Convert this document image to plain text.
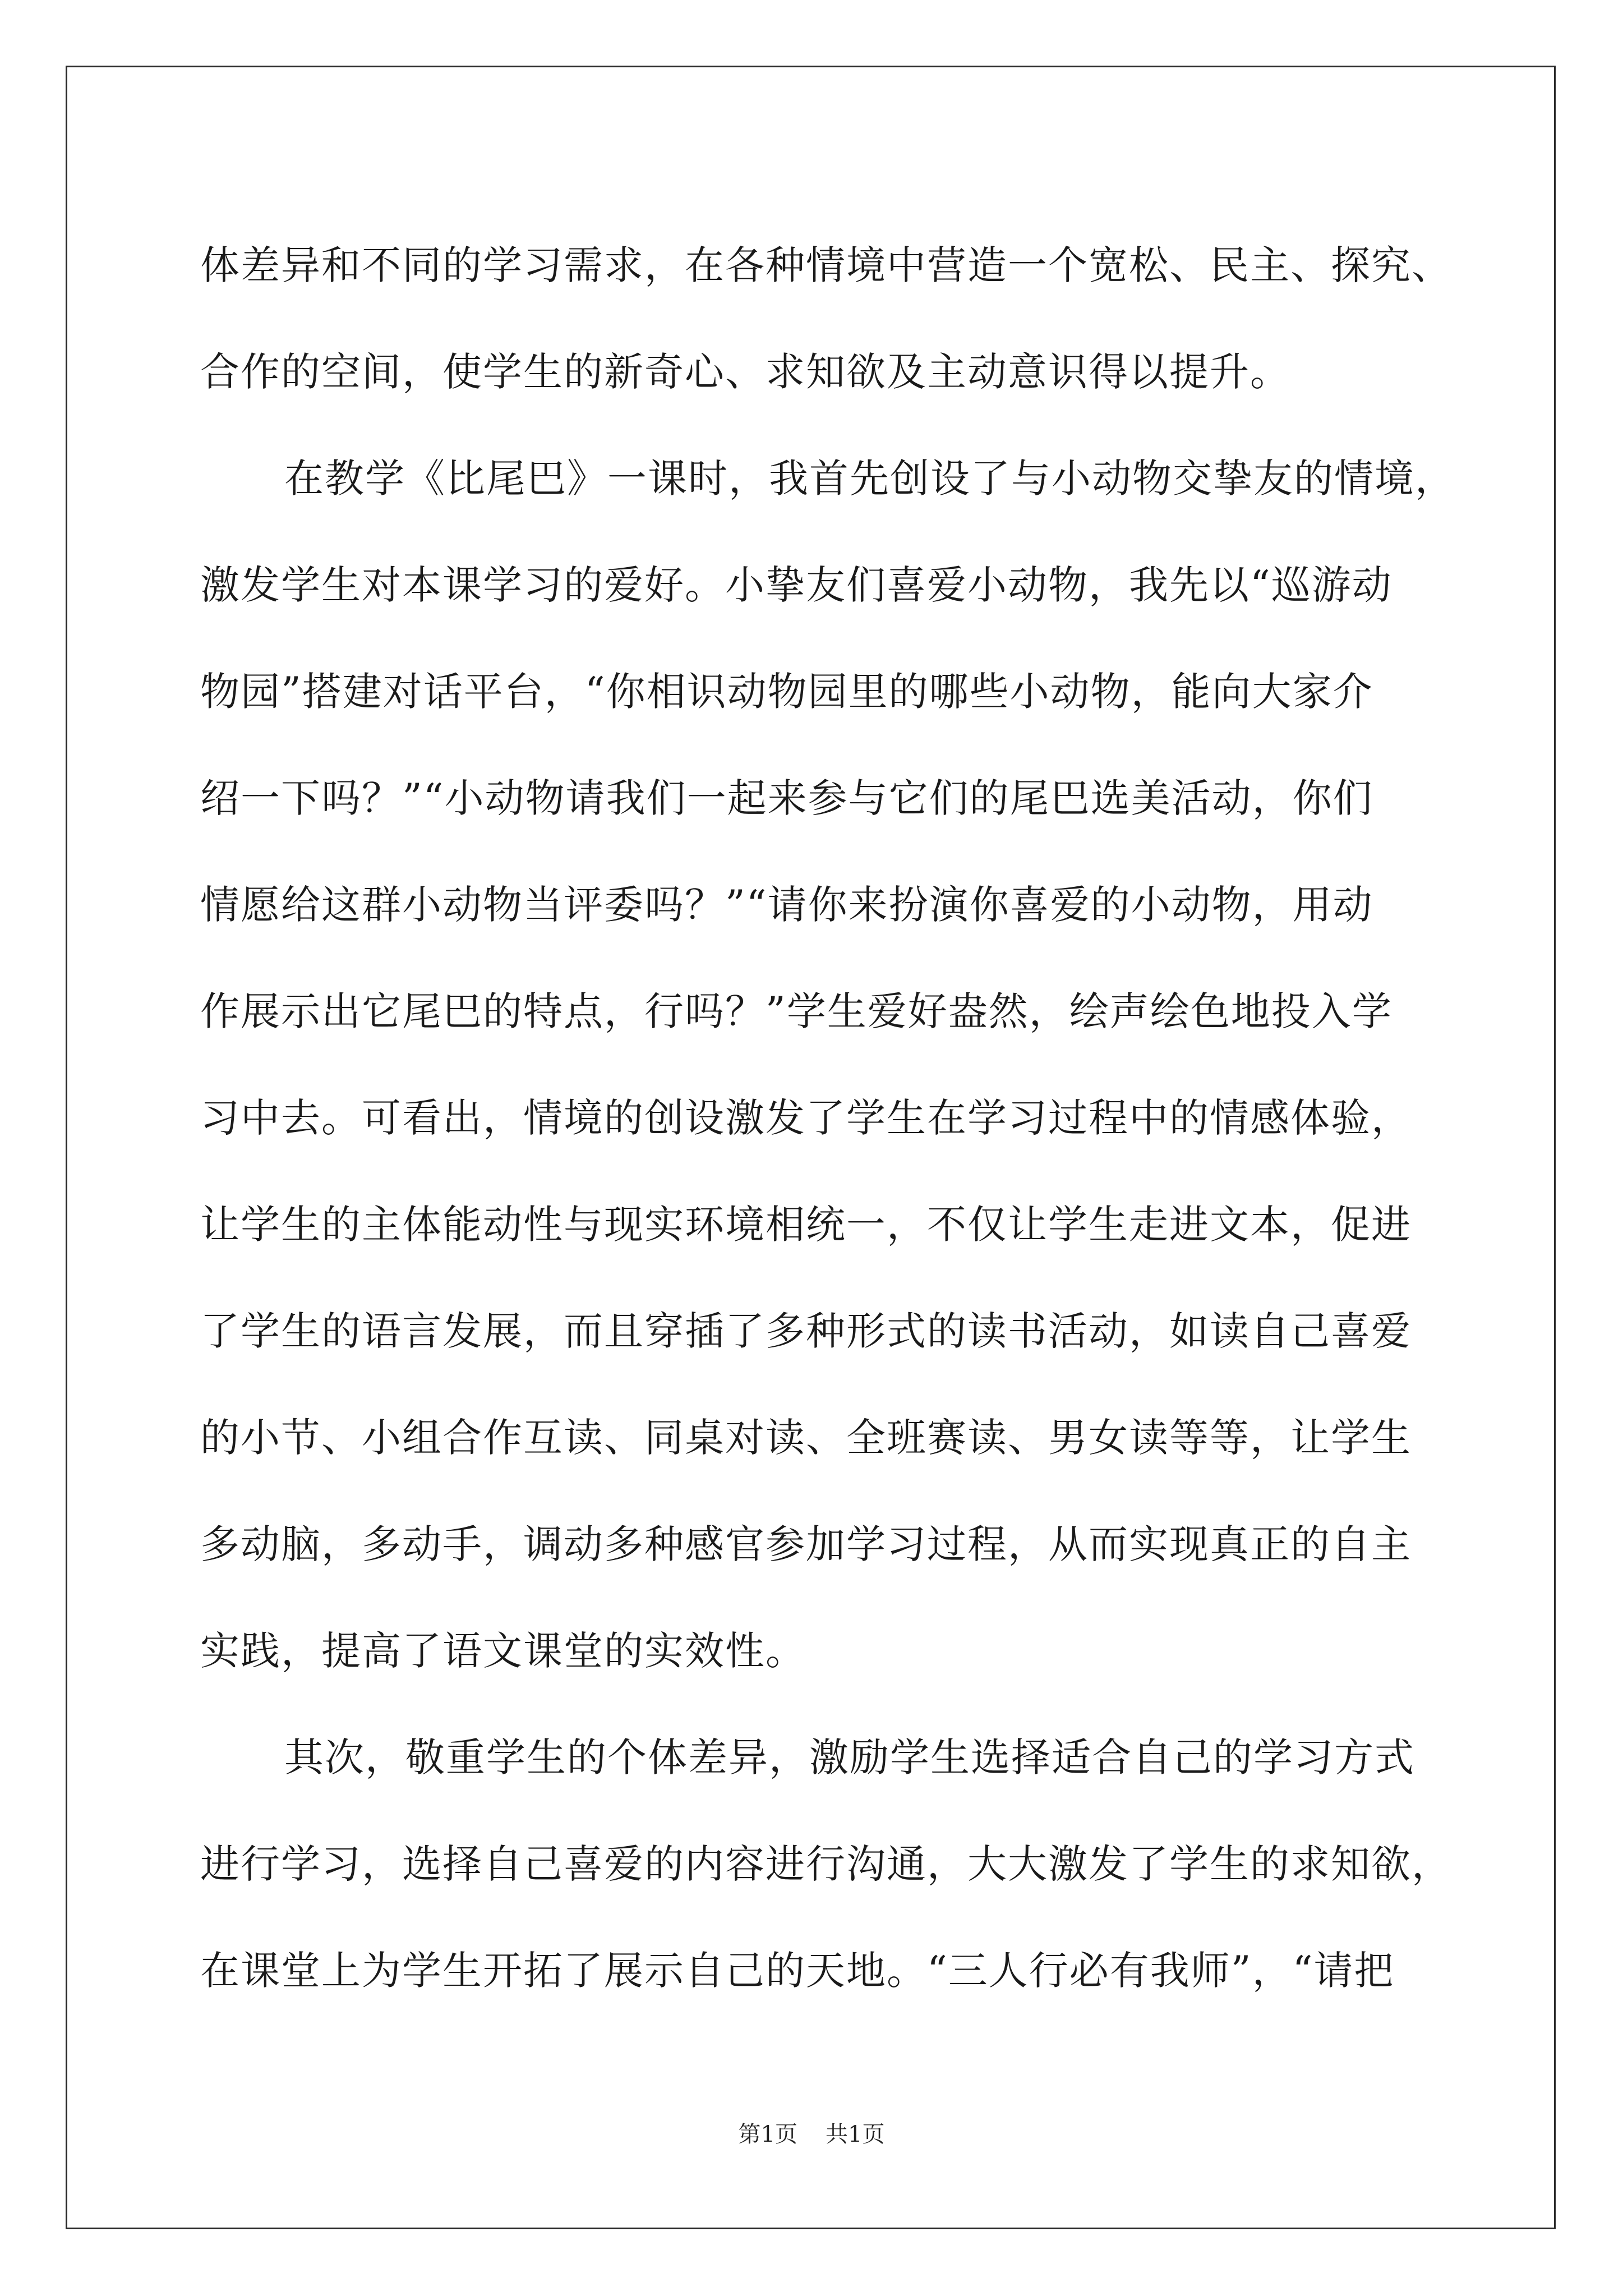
体差异和不同的学习需求，在各种情境中营造一个宽松、民主、探究、
合作的空间，使学生的新奇心、求知欲及主动意识得以提升。
在教学《比尾巴》一课时，我首先创设了与小动物交挚友的情境，
激发学生对本课学习的爱好。小挚友们喜爱小动物，我先以“巡游动
物园”搭建对话平台，“你相识动物园里的哪些小动物，能向大家介
绍一下吗？”“小动物请我们一起来参与它们的尾巴选美活动，你们
情愿给这群小动物当评委吗？”“请你来扮演你喜爱的小动物，用动
作展示出它尾巴的特点，行吗？”学生爱好盎然，绘声绘色地投入学
习中去。可看出，情境的创设激发了学生在学习过程中的情感体验，
让学生的主体能动性与现实环境相统一，不仅让学生走进文本，促进
了学生的语言发展，而且穿插了多种形式的读书活动，如读自己喜爱
的小节、小组合作互读、同桌对读、全班赛读、男女读等等，让学生
多动脑，多动手，调动多种感官参加学习过程，从而实现真正的自主
实践，提高了语文课堂的实效性。
其次，敬重学生的个体差异，激励学生选择适合自己的学习方式
进行学习，选择自己喜爱的内容进行沟通，大大激发了学生的求知欲，
在课堂上为学生开拓了展示自己的天地。“三人行必有我师”，“请把
第1页 共1页
